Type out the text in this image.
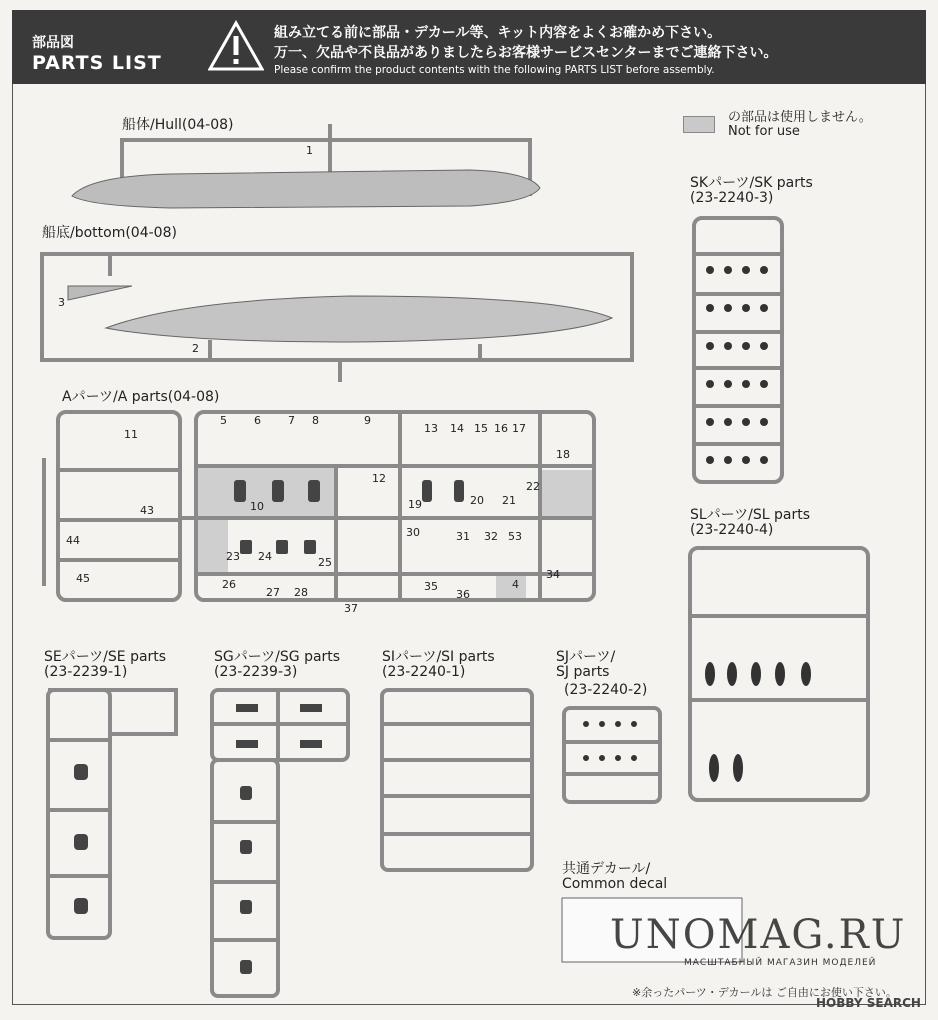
部品図
PARTS LIST
組み立てる前に部品・デカール等、キット内容をよくお確かめ下さい。
万一、欠品や不良品がありましたらお客様サービスセンターまでご連絡下さい。
Please confirm the product contents with the following PARTS LIST before assembly.
の部品は使用しません。
Not for use
船体/Hull(04-08)
船底/bottom(04-08)
Aパーツ/A parts(04-08)
SKパーツ/SK parts
(23-2240-3)
SLパーツ/SL parts
(23-2240-4)
SEパーツ/SE parts
(23-2239-1)
SGパーツ/SG parts
(23-2239-3)
SIパーツ/SI parts
(23-2240-1)
SJパーツ/
SJ parts
(23-2240-2)
共通デカール/
Common decal
1
2
3
5 6 7 8	9
11
12
13 14 15 16 17
18
10	19	20 21
22
43
44
45
23 24	25
30	31 32 53
26
27 28
37
35
36
4
34
UNOMAG.RU
МАСШТАБНЫЙ МАГАЗИН МОДЕЛЕЙ
※余ったパーツ・デカールは ご自由にお使い下さい。
HOBBY SEARCH
